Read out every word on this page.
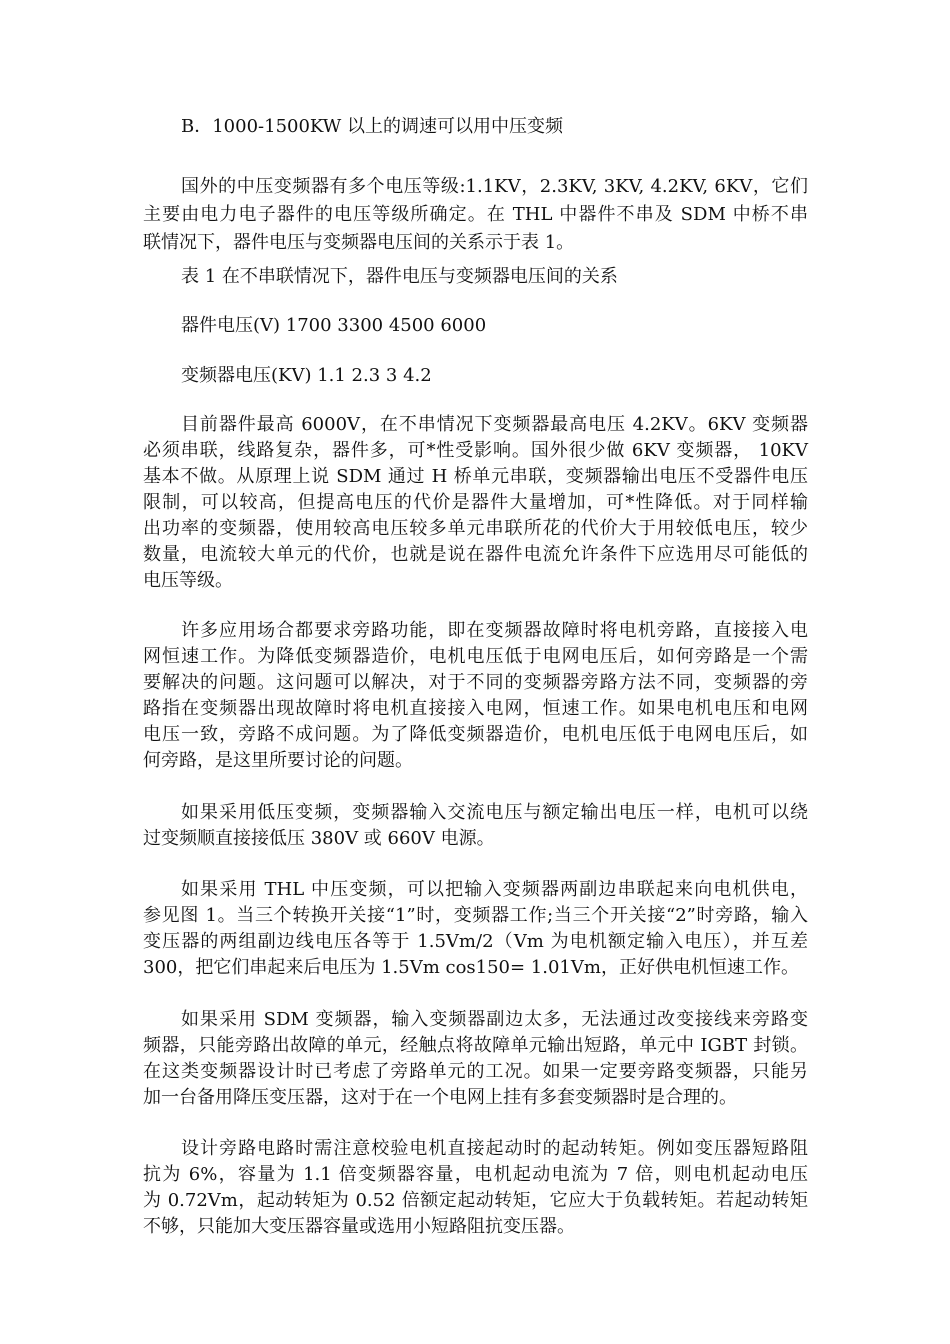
B．1000-1500KW 以上的调速可以用中压变频
国外的中压变频器有多个电压等级:1.1KV，2.3KV, 3KV, 4.2KV, 6KV，它们
主要由电力电子器件的电压等级所确定。在 THL 中器件不串及 SDM 中桥不串
联情况下，器件电压与变频器电压间的关系示于表 1。
表 1 在不串联情况下，器件电压与变频器电压间的关系
器件电压(V) 1700 3300 4500 6000
变频器电压(KV) 1.1 2.3 3 4.2
目前器件最高 6000V，在不串情况下变频器最高电压 4.2KV。6KV 变频器
必须串联，线路复杂，器件多，可*性受影响。国外很少做 6KV 变频器， 10KV
基本不做。从原理上说 SDM 通过 H 桥单元串联，变频器输出电压不受器件电压
限制，可以较高，但提高电压的代价是器件大量增加，可*性降低。对于同样输
出功率的变频器，使用较高电压较多单元串联所花的代价大于用较低电压，较少
数量，电流较大单元的代价，也就是说在器件电流允许条件下应选用尽可能低的
电压等级。
许多应用场合都要求旁路功能，即在变频器故障时将电机旁路，直接接入电
网恒速工作。为降低变频器造价，电机电压低于电网电压后，如何旁路是一个需
要解决的问题。这问题可以解决，对于不同的变频器旁路方法不同，变频器的旁
路指在变频器出现故障时将电机直接接入电网，恒速工作。如果电机电压和电网
电压一致，旁路不成问题。为了降低变频器造价，电机电压低于电网电压后，如
何旁路，是这里所要讨论的问题。
如果采用低压变频，变频器输入交流电压与额定输出电压一样，电机可以绕
过变频顺直接接低压 380V 或 660V 电源。
如果采用 THL 中压变频，可以把输入变频器两副边串联起来向电机供电，
参见图 1。当三个转换开关接“1”时，变频器工作;当三个开关接“2”时旁路，输入
变压器的两组副边线电压各等于 1.5Vm/2（Vm 为电机额定输入电压），并互差
300，把它们串起来后电压为 1.5Vm cos150= 1.01Vm，正好供电机恒速工作。
如果采用 SDM 变频器，输入变频器副边太多，无法通过改变接线来旁路变
频器，只能旁路出故障的单元，经触点将故障单元输出短路，单元中 IGBT 封锁。
在这类变频器设计时已考虑了旁路单元的工况。如果一定要旁路变频器，只能另
加一台备用降压变压器，这对于在一个电网上挂有多套变频器时是合理的。
设计旁路电路时需注意校验电机直接起动时的起动转矩。例如变压器短路阻
抗为 6%，容量为 1.1 倍变频器容量，电机起动电流为 7 倍，则电机起动电压
为 0.72Vm，起动转矩为 0.52 倍额定起动转矩，它应大于负载转矩。若起动转矩
不够，只能加大变压器容量或选用小短路阻抗变压器。
